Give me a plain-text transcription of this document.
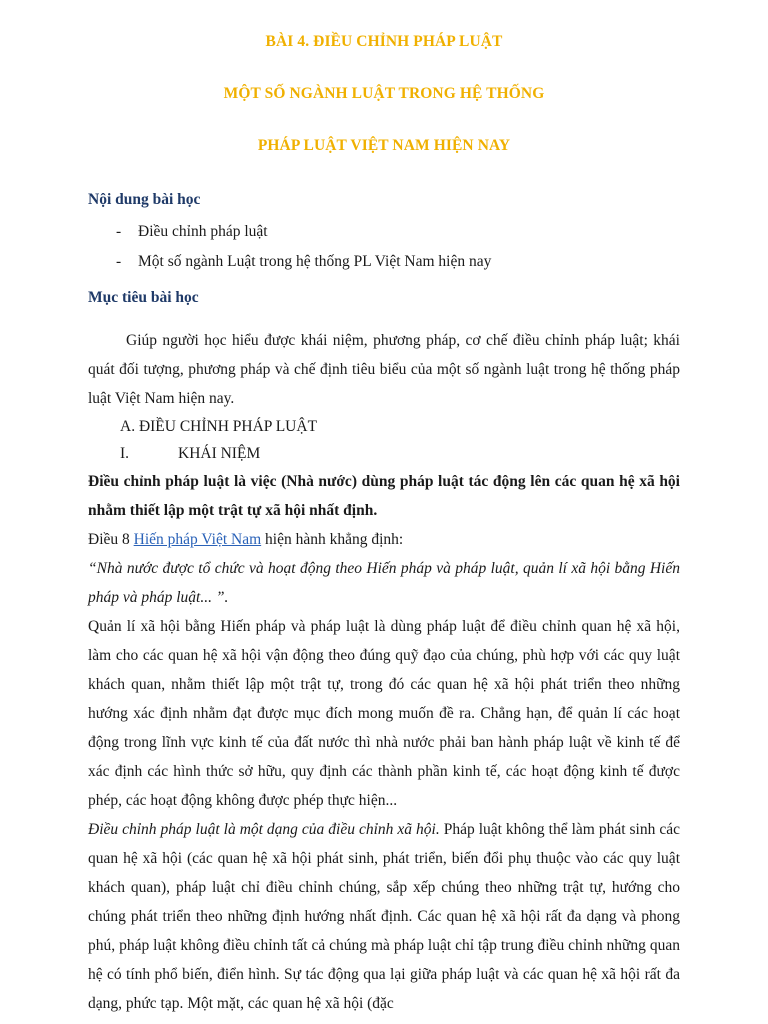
BÀI 4. ĐIỀU CHỈNH PHÁP LUẬT

MỘT SỐ NGÀNH LUẬT TRONG HỆ THỐNG

PHÁP LUẬT VIỆT NAM HIỆN NAY

Nội dung bài học

- Điều chỉnh pháp luật
- Một số ngành Luật trong hệ thống PL Việt Nam hiện nay

Mục tiêu bài học

Giúp người học hiểu được khái niệm, phương pháp, cơ chế điều chỉnh pháp luật; khái quát đối tượng, phương pháp và chế định tiêu biểu của một số ngành luật trong hệ thống pháp luật Việt Nam hiện nay.

A. ĐIỀU CHỈNH PHÁP LUẬT

I.	KHÁI NIỆM

Điều chỉnh pháp luật là việc (Nhà nước) dùng pháp luật tác động lên các quan hệ xã hội nhằm thiết lập một trật tự xã hội nhất định.

Điều 8 Hiến pháp Việt Nam hiện hành khẳng định:

“Nhà nước được tổ chức và hoạt động theo Hiến pháp và pháp luật, quản lí xã hội bằng Hiến pháp và pháp luật... ”.

Quản lí xã hội bằng Hiến pháp và pháp luật là dùng pháp luật để điều chỉnh quan hệ xã hội, làm cho các quan hệ xã hội vận động theo đúng quỹ đạo của chúng, phù hợp với các quy luật khách quan, nhằm thiết lập một trật tự, trong đó các quan hệ xã hội phát triển theo những hướng xác định nhằm đạt được mục đích mong muốn đề ra. Chẳng hạn, để quản lí các hoạt động trong lĩnh vực kinh tế của đất nước thì nhà nước phải ban hành pháp luật về kinh tế để xác định các hình thức sở hữu, quy định các thành phần kinh tế, các hoạt động kinh tế được phép, các hoạt động không được phép thực hiện...

Điều chỉnh pháp luật là một dạng của điều chỉnh xã hội. Pháp luật không thể làm phát sinh các quan hệ xã hội (các quan hệ xã hội phát sinh, phát triển, biến đổi phụ thuộc vào các quy luật khách quan), pháp luật chỉ điều chỉnh chúng, sắp xếp chúng theo những trật tự, hướng cho chúng phát triển theo những định hướng nhất định. Các quan hệ xã hội rất đa dạng và phong phú, pháp luật không điều chỉnh tất cả chúng mà pháp luật chỉ tập trung điều chỉnh những quan hệ có tính phổ biến, điển hình. Sự tác động qua lại giữa pháp luật và các quan hệ xã hội rất đa dạng, phức tạp. Một mặt, các quan hệ xã hội (đặc
